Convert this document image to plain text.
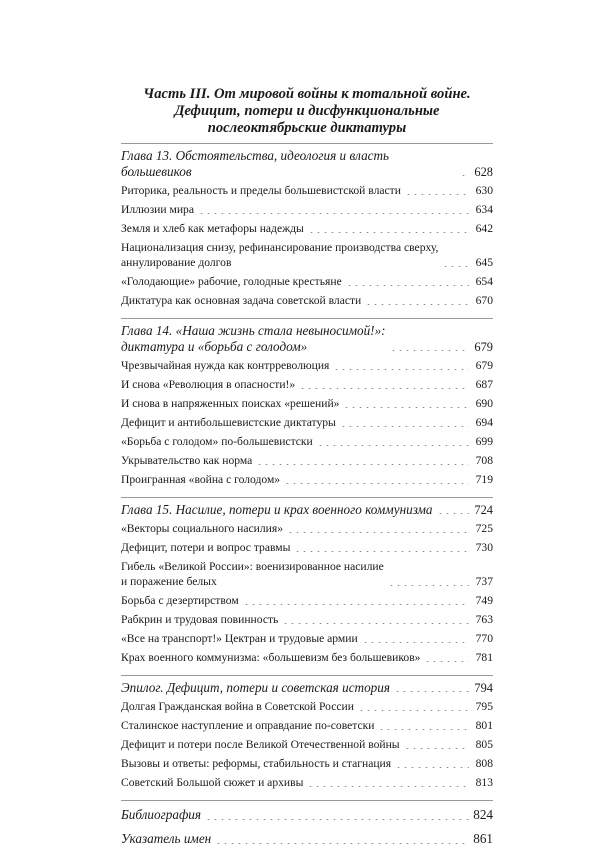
Часть III. От мировой войны к тотальной войне.
Дефицит, потери и дисфункциональные
послеоктябрьские диктатуры
Глава 13. Обстоятельства, идеология и власть большевиков	628
Риторика, реальность и пределы большевистской власти	630
Иллюзии мира	634
Земля и хлеб как метафоры надежды	642
Национализация снизу, рефинансирование производства сверху,
аннулирование долгов	645
«Голодающие» рабочие, голодные крестьяне	654
Диктатура как основная задача советской власти	670
Глава 14. «Наша жизнь стала невыносимой!»:
диктатура и «борьба с голодом»	679
Чрезвычайная нужда как контрреволюция	679
И снова «Революция в опасности!»	687
И снова в напряженных поисках «решений»	690
Дефицит и антибольшевистские диктатуры	694
«Борьба с голодом» по-большевистски	699
Укрывательство как норма	708
Проигранная «война с голодом»	719
Глава 15. Насилие, потери и крах военного коммунизма	724
«Векторы социального насилия»	725
Дефицит, потери и вопрос травмы	730
Гибель «Великой России»: военизированное насилие
и поражение белых	737
Борьба с дезертирством	749
Рабкрин и трудовая повинность	763
«Все на транспорт!» Цектран и трудовые армии	770
Крах военного коммунизма: «большевизм без большевиков»	781
Эпилог. Дефицит, потери и советская история	794
Долгая Гражданская война в Советской России	795
Сталинское наступление и оправдание по-советски	801
Дефицит и потери после Великой Отечественной войны	805
Вызовы и ответы: реформы, стабильность и стагнация	808
Советский Большой сюжет и архивы	813
Библиография	824
Указатель имен	861
